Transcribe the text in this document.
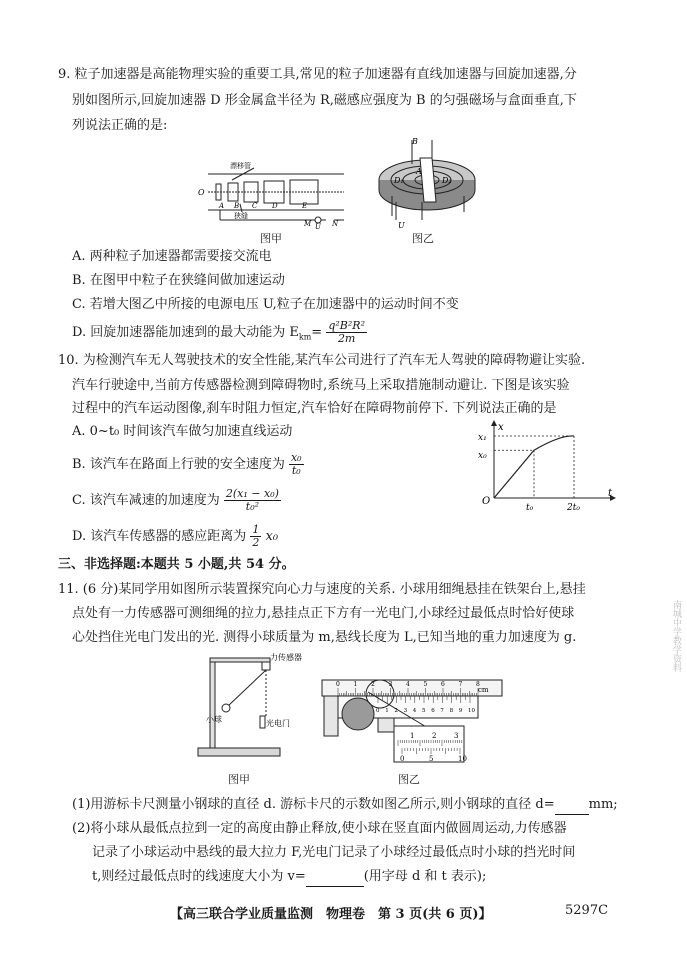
9. 粒子加速器是高能物理实验的重要工具,常见的粒子加速器有直线加速器与回旋加速器,分
别如图所示,回旋加速器 D 形金属盒半径为 R,磁感应强度为 B 的匀强磁场与盒面垂直,下
列说法正确的是:
漂移管
O
A B C D	E
狭缝
M U N
图甲
B
D₁	D₂
A
U
图乙
A. 两种粒子加速器都需要接交流电
B. 在图甲中粒子在狭缝间做加速运动
C. 若增大图乙中所接的电源电压 U,粒子在加速器中的运动时间不变
D. 回旋加速器能加速到的最大动能为 $E_{km}= \frac{\text{q²B²R²}}{2m}$
10. 为检测汽车无人驾驶技术的安全性能,某汽车公司进行了汽车无人驾驶的障碍物避让实验.
汽车行驶途中,当前方传感器检测到障碍物时,系统马上采取措施制动避让. 下图是该实验
过程中的汽车运动图像,刹车时阻力恒定,汽车恰好在障碍物前停下. 下列说法正确的是
A. 0~t₀ 时间该汽车做匀加速直线运动
B. 该汽车在路面上行驶的安全速度为 $\frac{\text{x₀}}{\text{t₀}}$
C. 该汽车减速的加速度为 $\frac{\text{2(x₁ − x₀)}}{\text{t₀²}}$
D. 该汽车传感器的感应距离为 $\frac{1}{2} x_0$
O
t
x
x₁
x₀
t₀	2t₀
三、非选择题:本题共 5 小题,共 54 分。
11. (6 分)某同学用如图所示装置探究向心力与速度的关系. 小球用细绳悬挂在铁架台上,悬挂
点处有一力传感器可测细绳的拉力,悬挂点正下方有一光电门,小球经过最低点时恰好使球
心处挡住光电门发出的光. 测得小球质量为 m,悬线长度为 L,已知当地的重力加速度为 g.
力传感器
小球	光电门
图甲
0 1 2 3 4 5 6 7 8
0 1 2 3 4 5 6 7 8 9 10
1	2	3
0	5	10
cm
图乙
(1)用游标卡尺测量小钢球的直径 d. 游标卡尺的示数如图乙所示,则小钢球的直径 d=	mm;
(2)将小球从最低点拉到一定的高度由静止释放,使小球在竖直面内做圆周运动,力传感器
记录了小球运动中悬线的最大拉力 F,光电门记录了小球经过最低点时小球的挡光时间
t,则经过最低点时的线速度大小为 v=	(用字母 d 和 t 表示);
【高三联合学业质量监测　物理卷　第 3 页(共 6 页)】	5297C
南城中学教学资料
